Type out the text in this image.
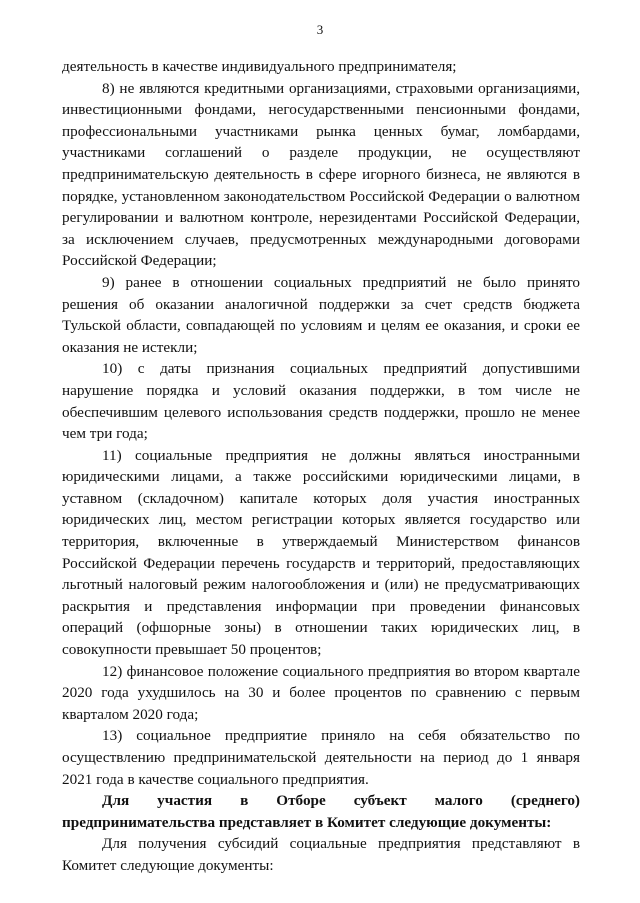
3

деятельность в качестве индивидуального предпринимателя;

8) не являются кредитными организациями, страховыми организациями, инвестиционными фондами, негосударственными пенсионными фондами, профессиональными участниками рынка ценных бумаг, ломбардами, участниками соглашений о разделе продукции, не осуществляют предпринимательскую деятельность в сфере игорного бизнеса, не являются в порядке, установленном законодательством Российской Федерации о валютном регулировании и валютном контроле, нерезидентами Российской Федерации, за исключением случаев, предусмотренных международными договорами Российской Федерации;

9) ранее в отношении социальных предприятий не было принято решения об оказании аналогичной поддержки за счет средств бюджета Тульской области, совпадающей по условиям и целям ее оказания, и сроки ее оказания не истекли;

10) с даты признания социальных предприятий допустившими нарушение порядка и условий оказания поддержки, в том числе не обеспечившим целевого использования средств поддержки, прошло не менее чем три года;

11) социальные предприятия не должны являться иностранными юридическими лицами, а также российскими юридическими лицами, в уставном (складочном) капитале которых доля участия иностранных юридических лиц, местом регистрации которых является государство или территория, включенные в утверждаемый Министерством финансов Российской Федерации перечень государств и территорий, предоставляющих льготный налоговый режим налогообложения и (или) не предусматривающих раскрытия и представления информации при проведении финансовых операций (офшорные зоны) в отношении таких юридических лиц, в совокупности превышает 50 процентов;

12) финансовое положение социального предприятия во втором квартале 2020 года ухудшилось на 30 и более процентов по сравнению с первым кварталом 2020 года;

13) социальное предприятие приняло на себя обязательство по осуществлению предпринимательской деятельности на период до 1 января 2021 года в качестве социального предприятия.

Для участия в Отборе субъект малого (среднего) предпринимательства представляет в Комитет следующие документы:

Для получения субсидий социальные предприятия представляют в Комитет следующие документы:
